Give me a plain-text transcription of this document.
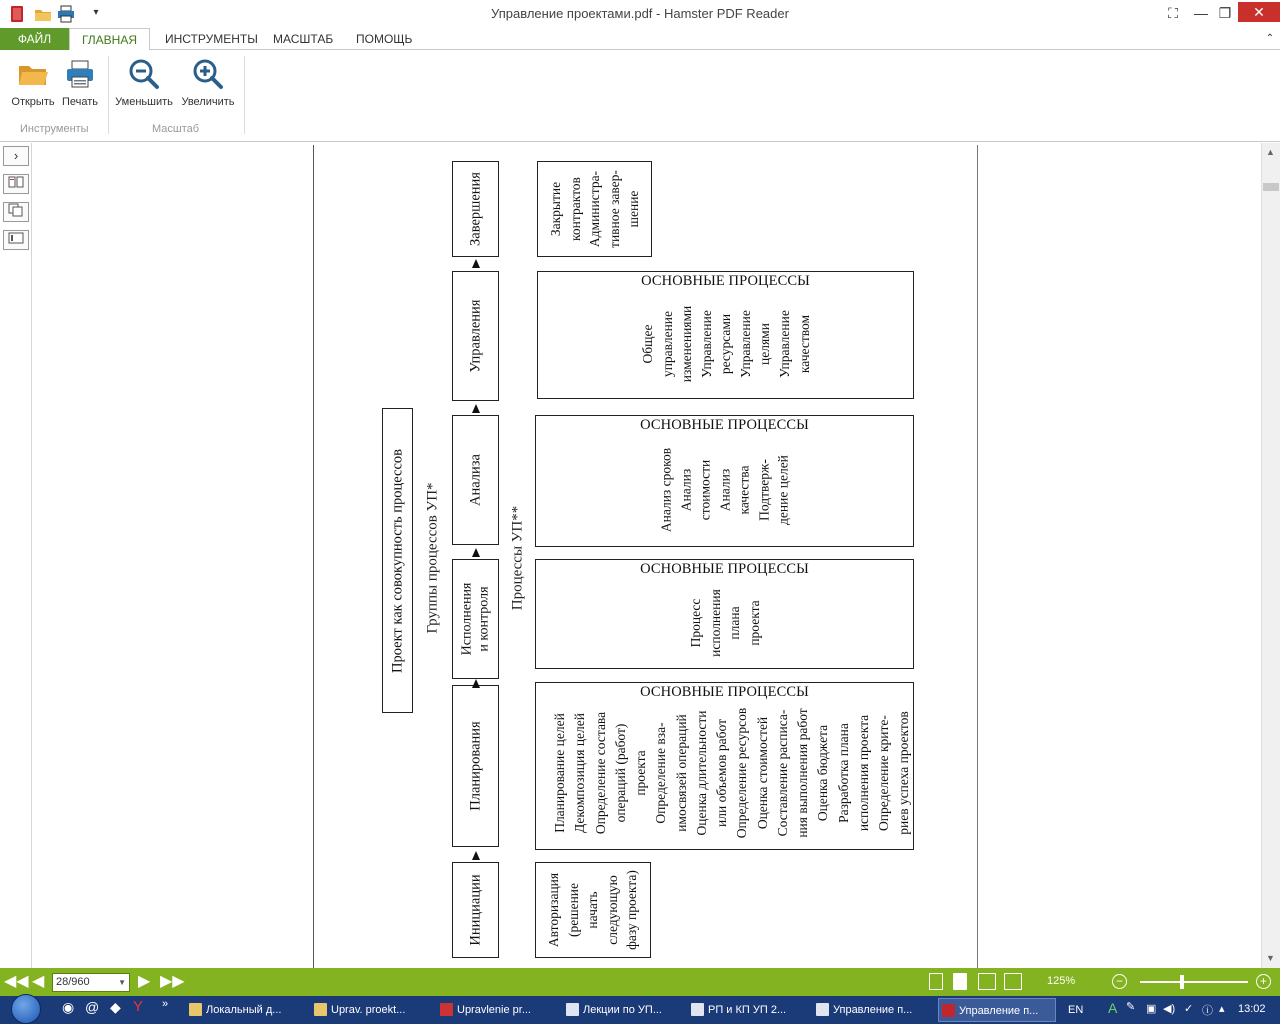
▾	Управление проектами.pdf - Hamster PDF Reader	⛶	— ❐	✕
ФАЙЛ	ГЛАВНАЯ	ИНСТРУМЕНТЫ	МАСШТАБ	ПОМОЩЬ	⌃
Открыть Печать	Уменьшить Увеличить
Инструменты	Масштаб
›
Проект как совокупность процессов Группы процессов УП*	Процессы УП**
Инициации
Планирования
Исполнения
и контроля
Анализа
Управления
Завершения
Авторизация
(решение
начать
следующую
фазу проекта)
ОСНОВНЫЕ ПРОЦЕССЫ
Планирование целей
Декомпозиция целей
Определение состава
операций (работ)
проекта
Определение вза-
имосвязей операций
Оценка длительности
или объемов работ
Определение ресурсов
Оценка стоимостей
Составление расписа-
ния выполнения работ
Оценка бюджета
Разработка плана
исполнения проекта
Определение крите-
риев успеха проектов
ОСНОВНЫЕ ПРОЦЕССЫ
Процесс
исполнения
плана
проекта
ОСНОВНЫЕ ПРОЦЕССЫ
Анализ сроков
Анализ
стоимости
Анализ
качества
Подтверж-
дение целей
ОСНОВНЫЕ ПРОЦЕССЫ
Общее
управление
изменениями
Управление
ресурсами
Управление
целями
Управление
качеством
Закрытие
контрактов
Администра-
тивное завер-
шение
▲
▼
◀◀ ◀	28/960	▼ ▶ ▶▶	125%	−	+
◉ @ ◆ Y »	Локальный д...	Uprav. proekt...	Upravlenie pr...	Лекции по УП...	РП и КП УП 2...	Управление п...	Управление п...	EN A ✎ ▣ ◀) ✓ ⓘ ▴ 13:02
